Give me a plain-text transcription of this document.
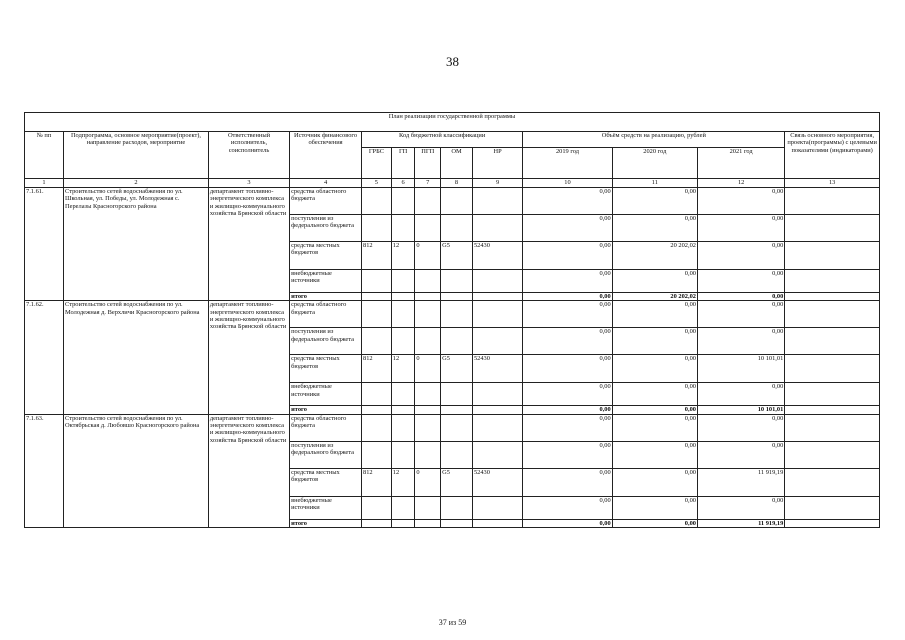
38
План реализации государственной программы												
№ пп	Подпрограмма, основное мероприятие(проект), направление расходов, мероприятие	Ответственный исполнитель, соисполнитель	Источник финансового обеспечения	Код бюджетной классификации					Объём средств на реализацию, рублей			Связь основного мероприятия, проекта(программы) с целевыми показателями (индикаторами)
				ГРБС	ГП	ПГП	ОМ	НР	2019 год	2020 год	2021 год	
1	2	3	4	5	6	7	8	9	10	11	12	13
7.1.61.	Строительство сетей водоснабжения по ул. Школьная, ул. Победы, ул. Молодежная с. Перелазы Красногорского района	департамент топливно-энергетического комплекса и жилищно-коммунального хозяйства Брянской области	средства областного бюджета						0,00	0,00	0,00	
			поступления из федерального бюджета						0,00	0,00	0,00	
			средства местных бюджетов	812	12	0	G5	52430	0,00	20 202,02	0,00	
			внебюджетные источники						0,00	0,00	0,00	
			итого						0,00	20 202,02	0,00	
7.1.62.	Строительство сетей водоснабжения по ул. Молодежная д. Верхличи Красногорского района	департамент топливно-энергетического комплекса и жилищно-коммунального хозяйства Брянской области	средства областного бюджета						0,00	0,00	0,00	
			поступления из федерального бюджета						0,00	0,00	0,00	
			средства местных бюджетов	812	12	0	G5	52430	0,00	0,00	10 101,01	
			внебюджетные источники						0,00	0,00	0,00	
			итого						0,00	0,00	10 101,01	
7.1.63.	Строительство сетей водоснабжения по ул. Октябрьская д. Любовшо Красногорского района	департамент топливно-энергетического комплекса и жилищно-коммунального хозяйства Брянской области	средства областного бюджета						0,00	0,00	0,00	
			поступления из федерального бюджета						0,00	0,00	0,00	
			средства местных бюджетов	812	12	0	G5	52430	0,00	0,00	11 919,19	
			внебюджетные источники						0,00	0,00	0,00	
			итого						0,00	0,00	11 919,19	
37 из 59
